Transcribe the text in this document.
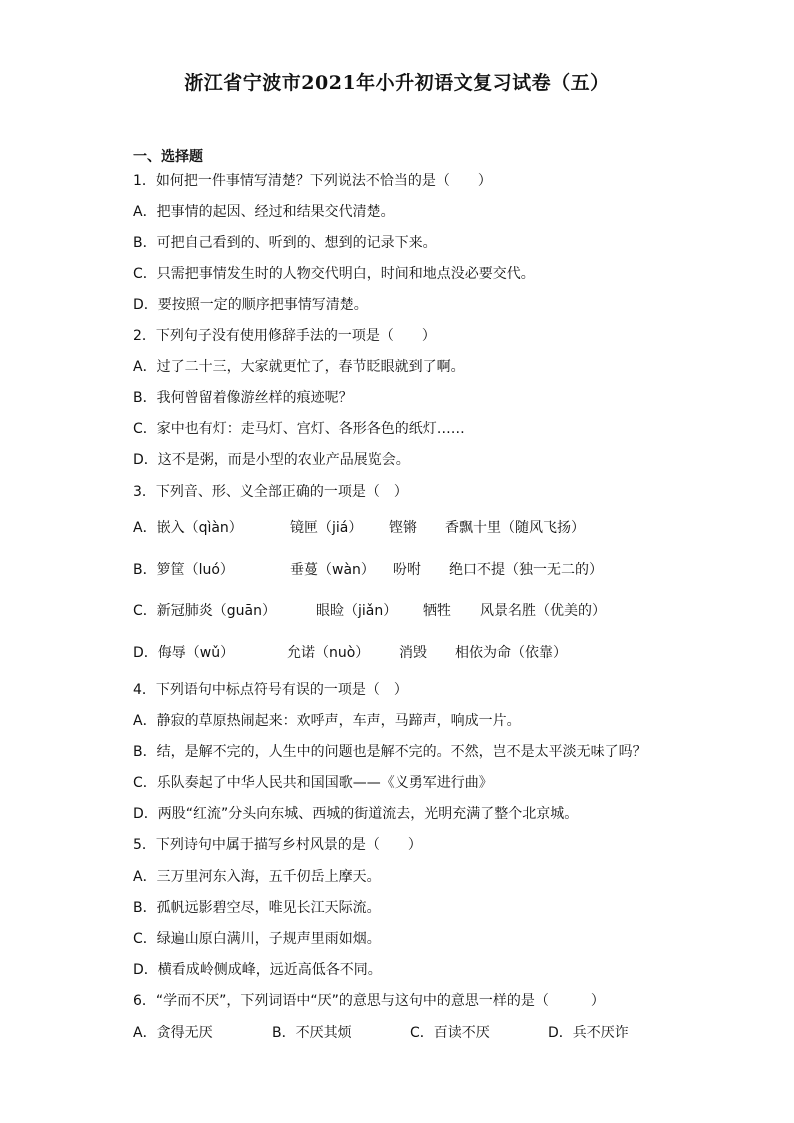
浙江省宁波市2021年小升初语文复习试卷（五）
一、选择题
1．如何把一件事情写清楚？下列说法不恰当的是（　　）
A．把事情的起因、经过和结果交代清楚。
B．可把自己看到的、听到的、想到的记录下来。
C．只需把事情发生时的人物交代明白，时间和地点没必要交代。
D．要按照一定的顺序把事情写清楚。
2．下列句子没有使用修辞手法的一项是（　　）
A．过了二十三，大家就更忙了，春节眨眼就到了啊。
B．我何曾留着像游丝样的痕迹呢？
C．家中也有灯：走马灯、宫灯、各形各色的纸灯……
D．这不是粥，而是小型的农业产品展览会。
3．下列音、形、义全部正确的一项是（　）
A．嵌入（qìàn）	镜匣（jiá） 铿锵 香飘十里（随风飞扬）
B．箩筐（luó）	垂蔓（wàn） 吩咐 绝口不提（独一无二的）
C．新冠肺炎（guān）	眼睑（jiǎn） 牺牲 风景名胜（优美的）
D．侮辱（wǔ）	允诺（nuò） 消毁 相依为命（依靠）
4．下列语句中标点符号有误的一项是（　）
A．静寂的草原热闹起来：欢呼声，车声，马蹄声，响成一片。
B．结，是解不完的，人生中的问题也是解不完的。不然，岂不是太平淡无味了吗？
C．乐队奏起了中华人民共和国国歌——《义勇军进行曲》
D．两股“红流”分头向东城、西城的街道流去，光明充满了整个北京城。
5．下列诗句中属于描写乡村风景的是（　　）
A．三万里河东入海，五千仞岳上摩天。
B．孤帆远影碧空尽，唯见长江天际流。
C．绿遍山原白满川，子规声里雨如烟。
D．横看成岭侧成峰，远近高低各不同。
6．“学而不厌”，下列词语中“厌”的意思与这句中的意思一样的是（　　　）
A．贪得无厌	B．不厌其烦	C．百读不厌	D．兵不厌诈
